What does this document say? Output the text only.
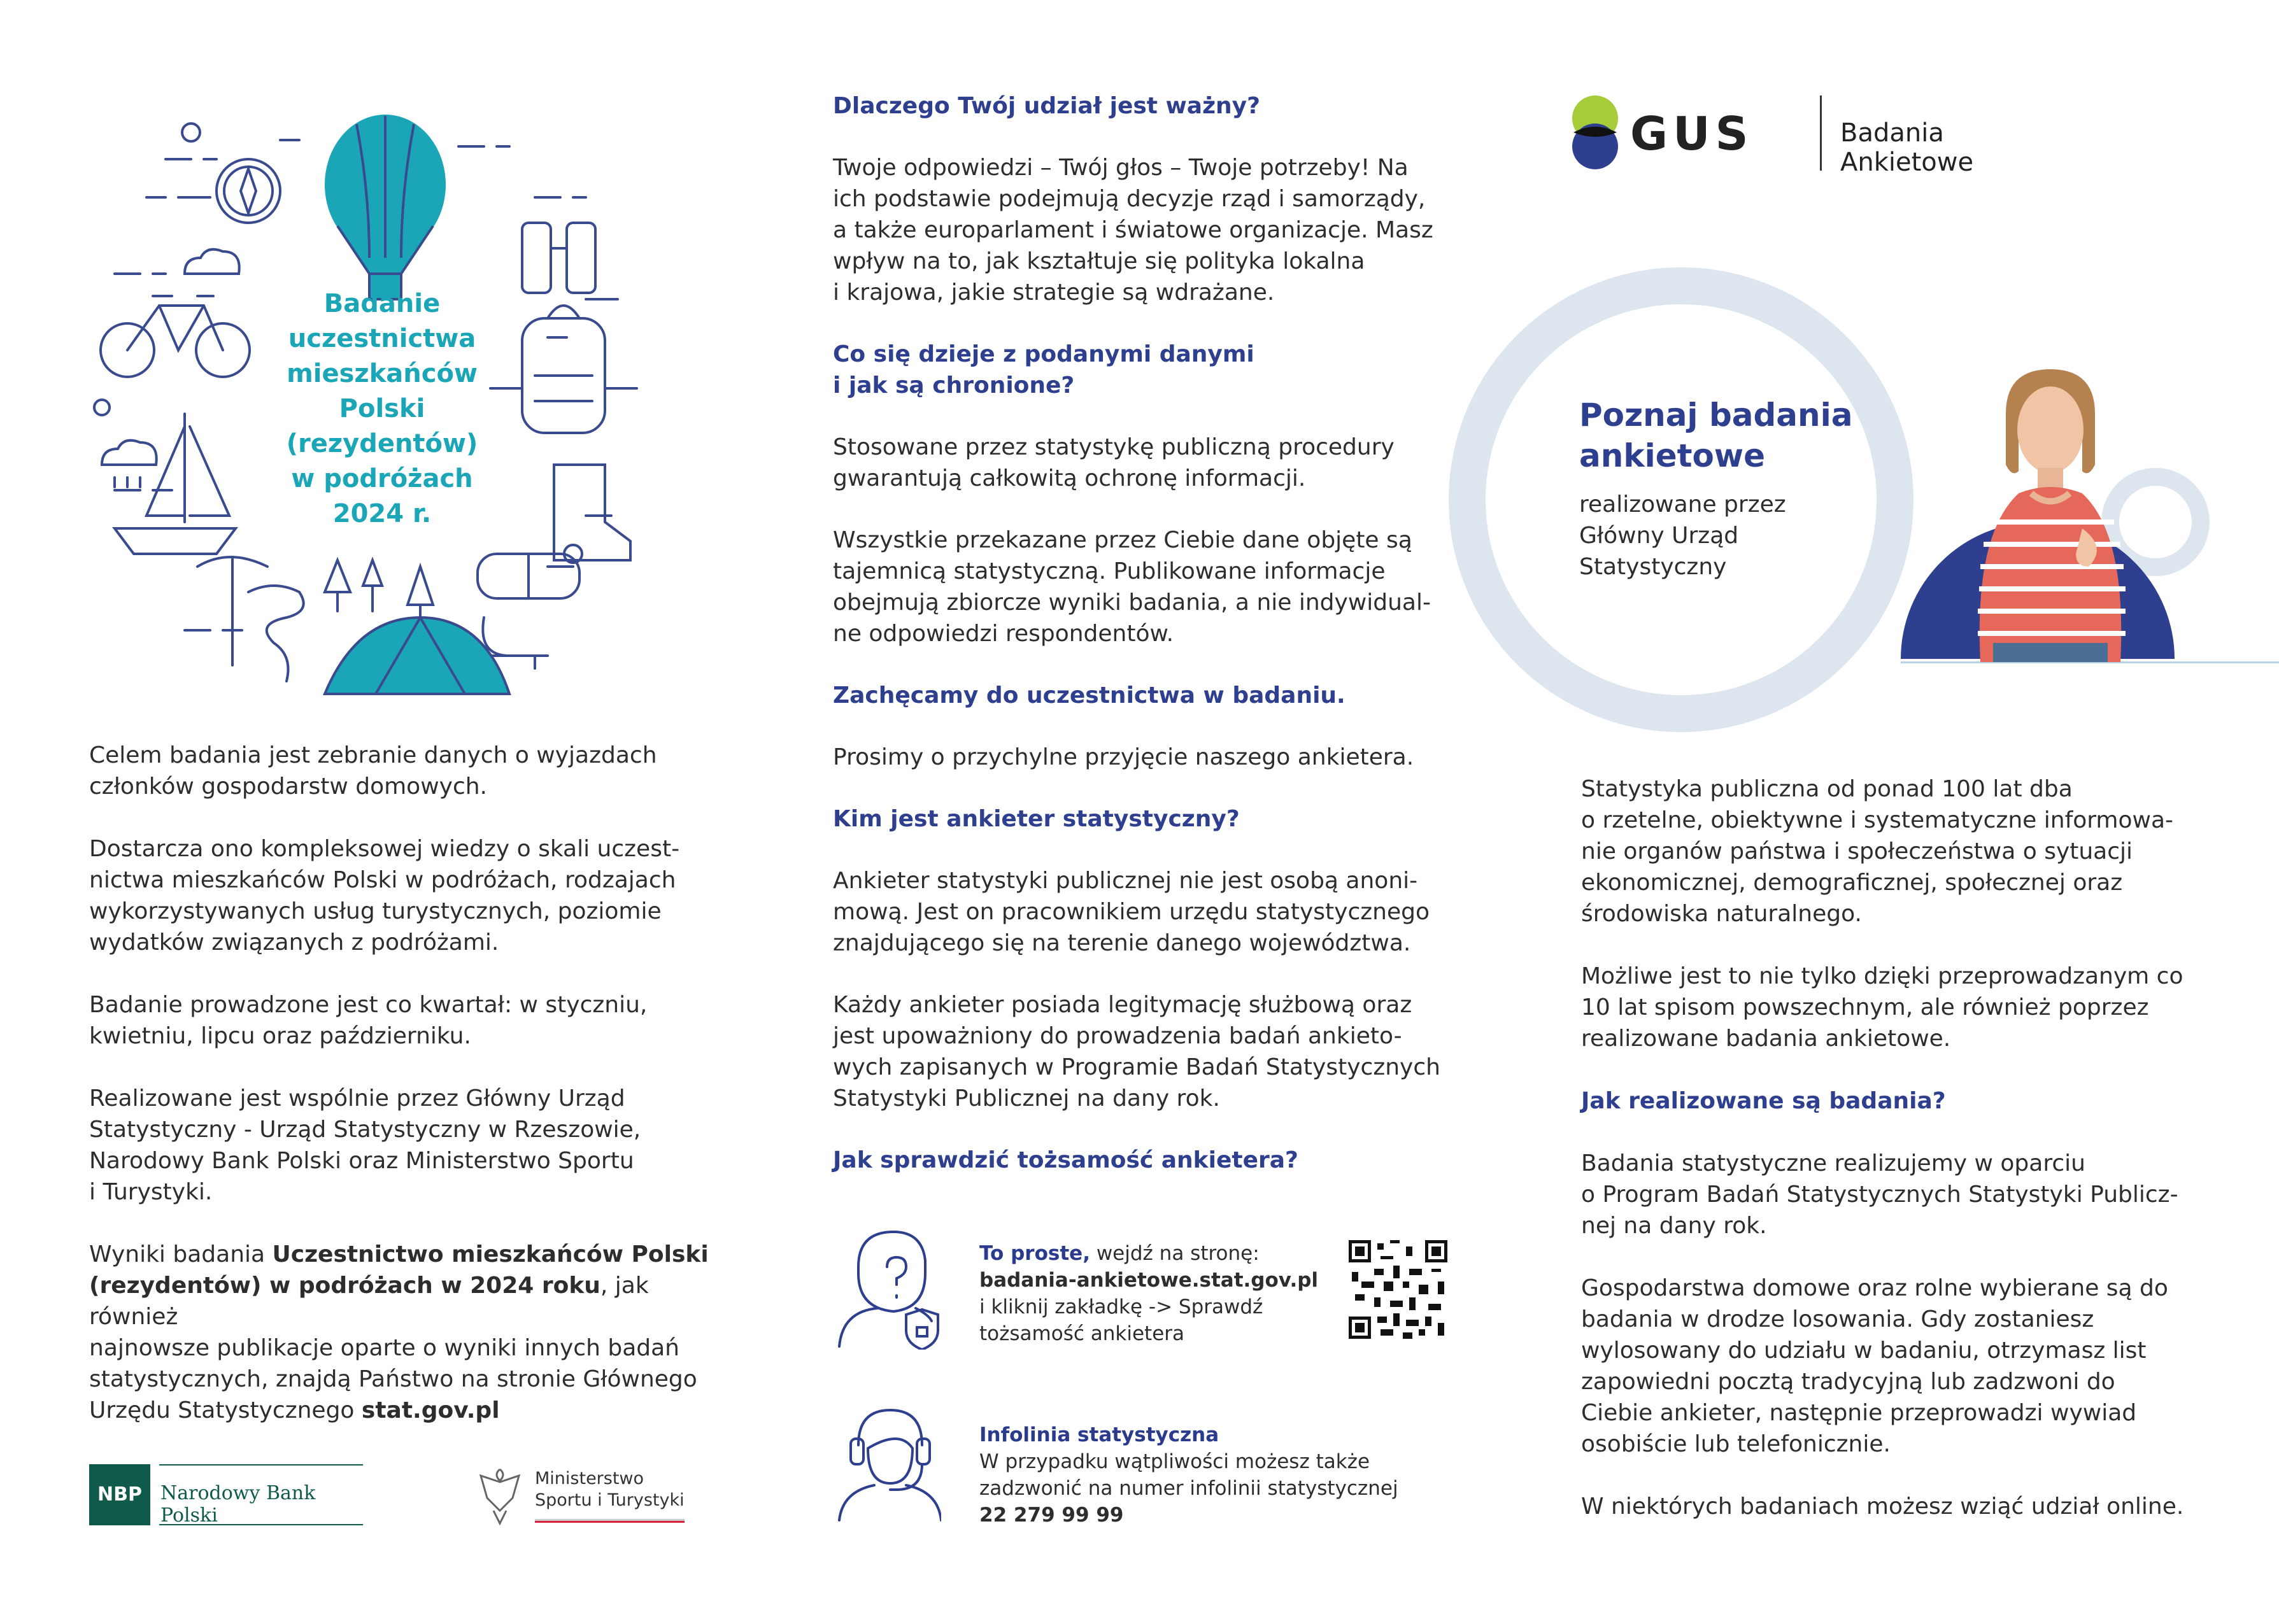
Badanie
uczestnictwa
mieszkańców
Polski
(rezydentów)
w podróżach
2024 r.

Celem badania jest zebranie danych o wyjazdach
członków gospodarstw domowych.

Dostarcza ono kompleksowej wiedzy o skali uczest-
nictwa mieszkańców Polski w podróżach, rodzajach
wykorzystywanych usług turystycznych, poziomie
wydatków związanych z podróżami.

Badanie prowadzone jest co kwartał: w styczniu,
kwietniu, lipcu oraz październiku.

Realizowane jest wspólnie przez Główny Urząd
Statystyczny - Urząd Statystyczny w Rzeszowie,
Narodowy Bank Polski oraz Ministerstwo Sportu
i Turystyki.

Wyniki badania Uczestnictwo mieszkańców Polski
(rezydentów) w podróżach w 2024 roku, jak również
najnowsze publikacje oparte o wyniki innych badań
statystycznych, znajdą Państwo na stronie Głównego
Urzędu Statystycznego stat.gov.pl

NBP Narodowy Bank Polski
Ministerstwo
Sportu i Turystyki

Dlaczego Twój udział jest ważny?

Twoje odpowiedzi – Twój głos – Twoje potrzeby! Na
ich podstawie podejmują decyzje rząd i samorządy,
a także europarlament i światowe organizacje. Masz
wpływ na to, jak kształtuje się polityka lokalna
i krajowa, jakie strategie są wdrażane.

Co się dzieje z podanymi danymi
i jak są chronione?

Stosowane przez statystykę publiczną procedury
gwarantują całkowitą ochronę informacji.

Wszystkie przekazane przez Ciebie dane objęte są
tajemnicą statystyczną. Publikowane informacje
obejmują zbiorcze wyniki badania, a nie indywidual-
ne odpowiedzi respondentów.

Zachęcamy do uczestnictwa w badaniu.

Prosimy o przychylne przyjęcie naszego ankietera.

Kim jest ankieter statystyczny?

Ankieter statystyki publicznej nie jest osobą anoni-
mową. Jest on pracownikiem urzędu statystycznego
znajdującego się na terenie danego województwa.

Każdy ankieter posiada legitymację służbową oraz
jest upoważniony do prowadzenia badań ankieto-
wych zapisanych w Programie Badań Statystycznych
Statystyki Publicznej na dany rok.

Jak sprawdzić tożsamość ankietera?

To proste, wejdź na stronę:
badania-ankietowe.stat.gov.pl
i kliknij zakładkę -> Sprawdź
tożsamość ankietera
Infolinia statystyczna
W przypadku wątpliwości możesz także
zadzwonić na numer infolinii statystycznej
22 279 99 99
GUS	Badania Ankietowe
Poznaj badania
ankietowe
realizowane przez
Główny Urząd
Statystyczny

Statystyka publiczna od ponad 100 lat dba
o rzetelne, obiektywne i systematyczne informowa-
nie organów państwa i społeczeństwa o sytuacji
ekonomicznej, demograficznej, społecznej oraz
środowiska naturalnego.

Możliwe jest to nie tylko dzięki przeprowadzanym co
10 lat spisom powszechnym, ale również poprzez
realizowane badania ankietowe.

Jak realizowane są badania?

Badania statystyczne realizujemy w oparciu
o Program Badań Statystycznych Statystyki Publicz-
nej na dany rok.

Gospodarstwa domowe oraz rolne wybierane są do
badania w drodze losowania. Gdy zostaniesz
wylosowany do udziału w badaniu, otrzymasz list
zapowiedni pocztą tradycyjną lub zadzwoni do
Ciebie ankieter, następnie przeprowadzi wywiad
osobiście lub telefonicznie.

W niektórych badaniach możesz wziąć udział online.
